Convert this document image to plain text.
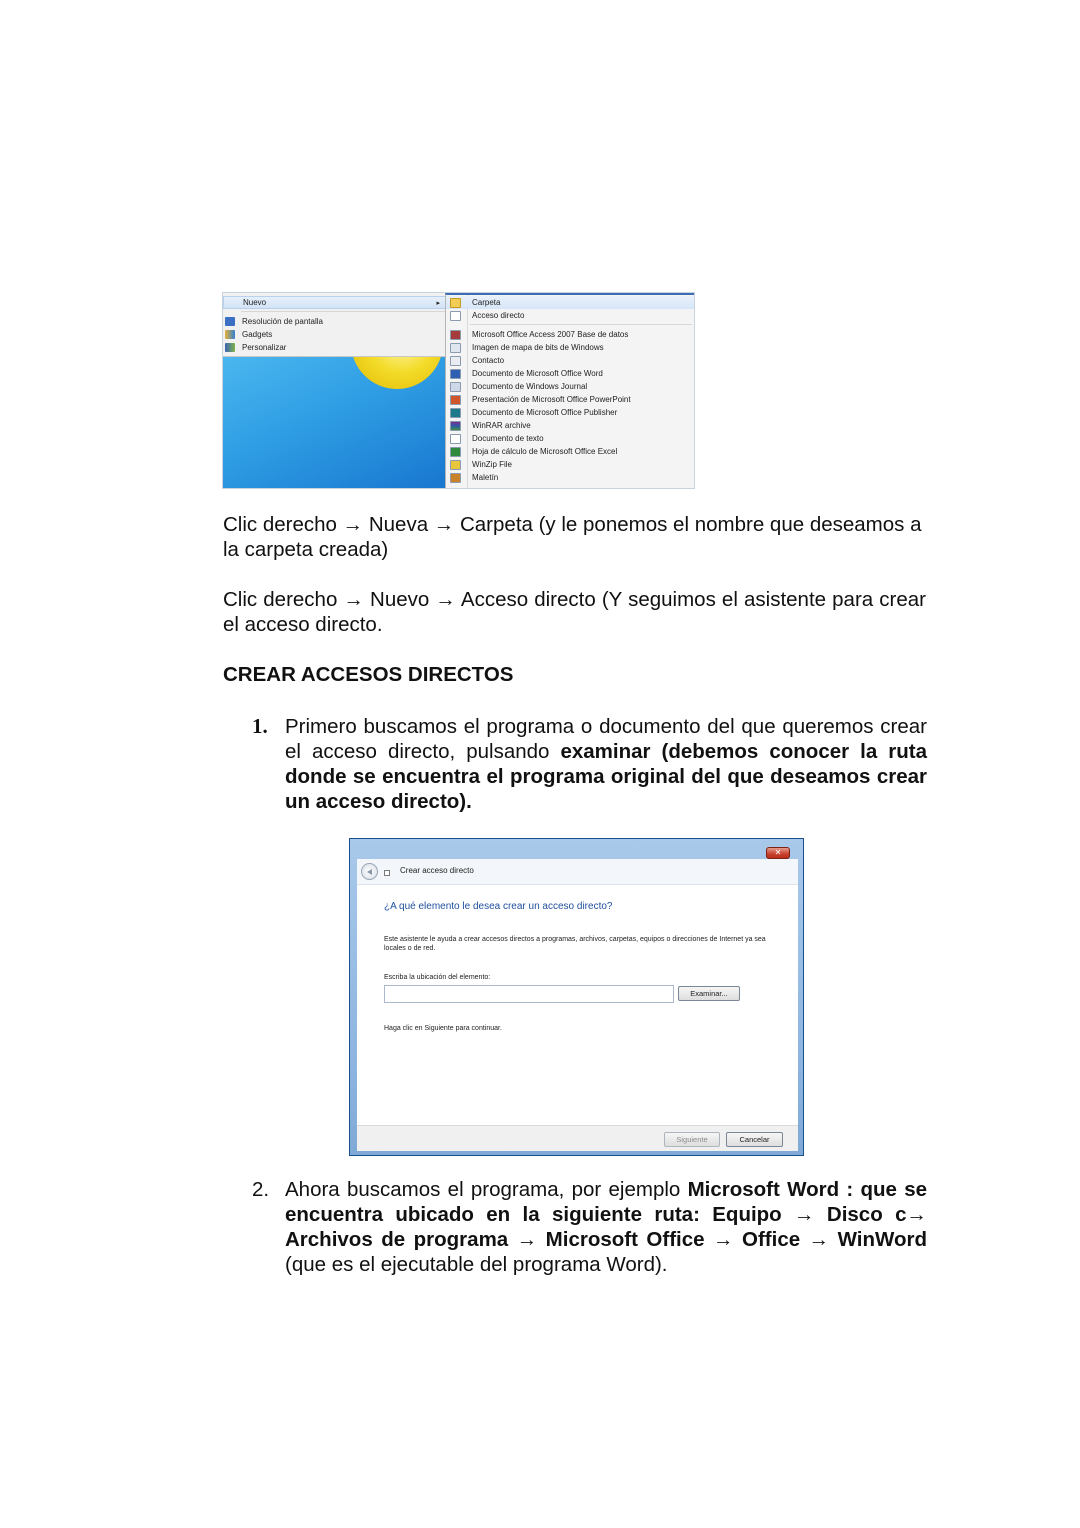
Nuevo	▸
Resolución de pantalla
Gadgets
Personalizar
Carpeta
Acceso directo
Microsoft Office Access 2007 Base de datos
Imagen de mapa de bits de Windows
Contacto
Documento de Microsoft Office Word
Documento de Windows Journal
Presentación de Microsoft Office PowerPoint
Documento de Microsoft Office Publisher
WinRAR archive
Documento de texto
Hoja de cálculo de Microsoft Office Excel
WinZip File
Maletín

Clic derecho → Nueva → Carpeta (y le ponemos el nombre que deseamos a la carpeta creada)

Clic derecho → Nuevo → Acceso directo (Y seguimos el asistente para crear el acceso directo.

CREAR ACCESOS DIRECTOS
1. Primero buscamos el programa o documento del que queremos crear el acceso directo, pulsando examinar (debemos conocer la ruta donde se encuentra el programa original del que deseamos crear un acceso directo).
✕
Crear acceso directo
¿A qué elemento le desea crear un acceso directo?
Este asistente le ayuda a crear accesos directos a programas, archivos, carpetas, equipos o direcciones de Internet ya sea locales o de red.
Escriba la ubicación del elemento:
Examinar...
Haga clic en Siguiente para continuar.
Siguiente	Cancelar
2. Ahora buscamos el programa, por ejemplo Microsoft Word : que se encuentra ubicado en la siguiente ruta: Equipo → Disco c→ Archivos de programa → Microsoft Office → Office → WinWord (que es el ejecutable del programa Word).
